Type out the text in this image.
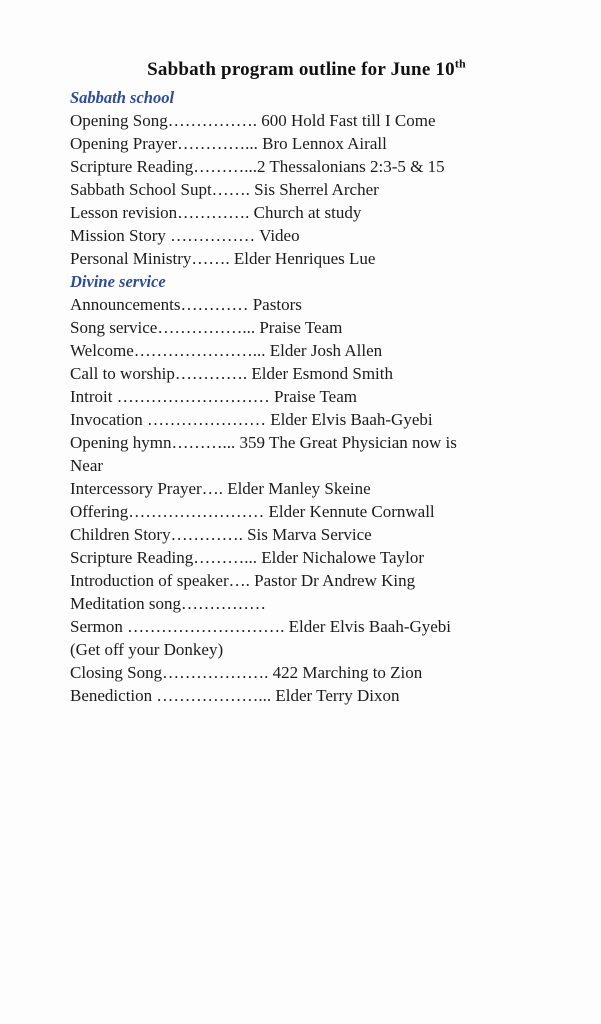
Sabbath program outline for June 10th
Sabbath school
Opening Song……………. 600 Hold Fast till I Come
Opening Prayer…………... Bro Lennox Airall
Scripture Reading………...2 Thessalonians 2:3-5 & 15
Sabbath School Supt……. Sis Sherrel Archer
Lesson revision…………. Church at study
Mission Story …………… Video
Personal Ministry……. Elder Henriques Lue
Divine service
Announcements………… Pastors
Song service……………... Praise Team
Welcome…………………... Elder Josh Allen
Call to worship…………. Elder Esmond Smith
Introit ……………………… Praise Team
Invocation ………………… Elder Elvis Baah-Gyebi
Opening hymn………... 359 The Great Physician now is
Near
Intercessory Prayer…. Elder Manley Skeine
Offering…………………… Elder Kennute Cornwall
Children Story…………. Sis Marva Service
Scripture Reading………... Elder Nichalowe Taylor
Introduction of speaker…. Pastor Dr Andrew King
Meditation song……………
Sermon ………………………. Elder Elvis Baah-Gyebi
(Get off your Donkey)
Closing Song………………. 422 Marching to Zion
Benediction ………………... Elder Terry Dixon
